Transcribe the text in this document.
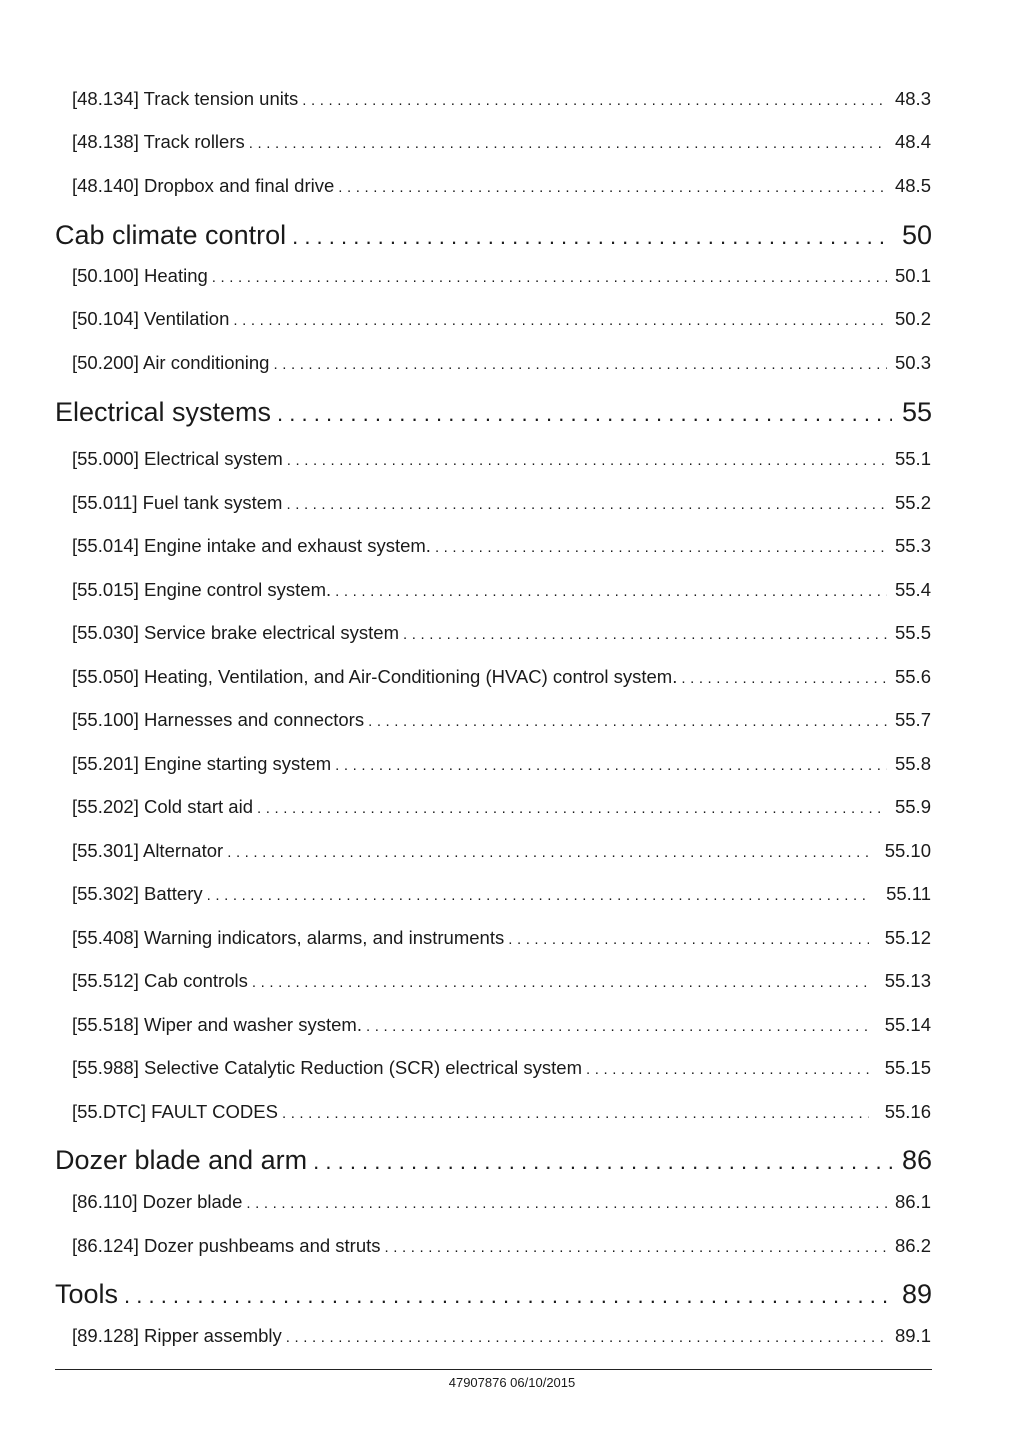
[48.134] Track tension units . . .	48.3
[48.138] Track rollers . . .	48.4
[48.140] Dropbox and final drive . . .	48.5
Cab climate control . . .	50
[50.100] Heating . . .	50.1
[50.104] Ventilation . . .	50.2
[50.200] Air conditioning . . .	50.3
Electrical systems . . .	55
[55.000] Electrical system . . .	55.1
[55.011] Fuel tank system . . .	55.2
[55.014] Engine intake and exhaust system. . . .	55.3
[55.015] Engine control system. . . .	55.4
[55.030] Service brake electrical system . . .	55.5
[55.050] Heating, Ventilation, and Air-Conditioning (HVAC) control system. . . .	55.6
[55.100] Harnesses and connectors . . .	55.7
[55.201] Engine starting system . . .	55.8
[55.202] Cold start aid . . .	55.9
[55.301] Alternator . . .	55.10
[55.302] Battery . . .	55.11
[55.408] Warning indicators, alarms, and instruments . . .	55.12
[55.512] Cab controls . . .	55.13
[55.518] Wiper and washer system. . . .	55.14
[55.988] Selective Catalytic Reduction (SCR) electrical system . . .	55.15
[55.DTC] FAULT CODES . . .	55.16
Dozer blade and arm . . .	86
[86.110] Dozer blade . . .	86.1
[86.124] Dozer pushbeams and struts . . .	86.2
Tools . . .	89
[89.128] Ripper assembly . . .	89.1
47907876 06/10/2015
